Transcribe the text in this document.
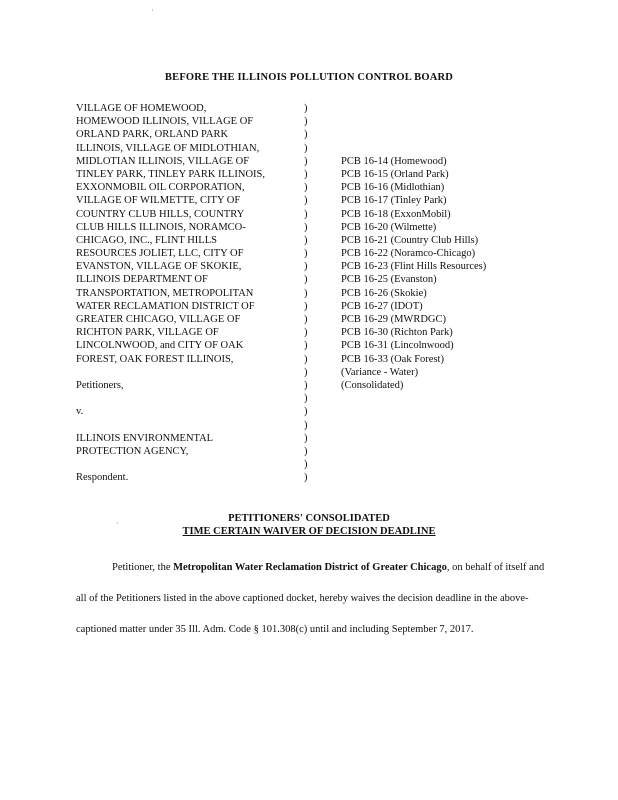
·
BEFORE THE ILLINOIS POLLUTION CONTROL BOARD
VILLAGE OF HOMEWOOD,	)
HOMEWOOD ILLINOIS, VILLAGE OF	)
ORLAND PARK, ORLAND PARK	)
ILLINOIS, VILLAGE OF MIDLOTHIAN,	)
MIDLOTIAN ILLINOIS, VILLAGE OF	)	PCB 16-14 (Homewood)
TINLEY PARK, TINLEY PARK ILLINOIS,	)	PCB 16-15 (Orland Park)
EXXONMOBIL OIL CORPORATION,	)	PCB 16-16 (Midlothian)
VILLAGE OF WILMETTE, CITY OF	)	PCB 16-17 (Tinley Park)
COUNTRY CLUB HILLS, COUNTRY	)	PCB 16-18 (ExxonMobil)
CLUB HILLS ILLINOIS, NORAMCO-	)	PCB 16-20 (Wilmette)
CHICAGO, INC., FLINT HILLS	)	PCB 16-21 (Country Club Hills)
RESOURCES JOLIET, LLC, CITY OF	)	PCB 16-22 (Noramco-Chicago)
EVANSTON, VILLAGE OF SKOKIE,	)	PCB 16-23 (Flint Hills Resources)
ILLINOIS DEPARTMENT OF	)	PCB 16-25 (Evanston)
TRANSPORTATION, METROPOLITAN	)	PCB 16-26 (Skokie)
WATER RECLAMATION DISTRICT OF	)	PCB 16-27 (IDOT)
GREATER CHICAGO, VILLAGE OF	)	PCB 16-29 (MWRDGC)
RICHTON PARK, VILLAGE OF	)	PCB 16-30 (Richton Park)
LINCOLNWOOD, and CITY OF OAK	)	PCB 16-31 (Lincolnwood)
FOREST, OAK FOREST ILLINOIS,	)	PCB 16-33 (Oak Forest)
)	(Variance - Water)
Petitioners,	)	(Consolidated)
)
v.	)
)
ILLINOIS ENVIRONMENTAL	)
PROTECTION AGENCY,	)
)
Respondent.	)
·	PETITIONERS' CONSOLIDATED
TIME CERTAIN WAIVER OF DECISION DEADLINE

Petitioner, the Metropolitan Water Reclamation District of Greater Chicago, on behalf of itself and all of the Petitioners listed in the above captioned docket, hereby waives the decision deadline in the above-captioned matter under 35 Ill. Adm. Code § 101.308(c) until and including September 7, 2017.
